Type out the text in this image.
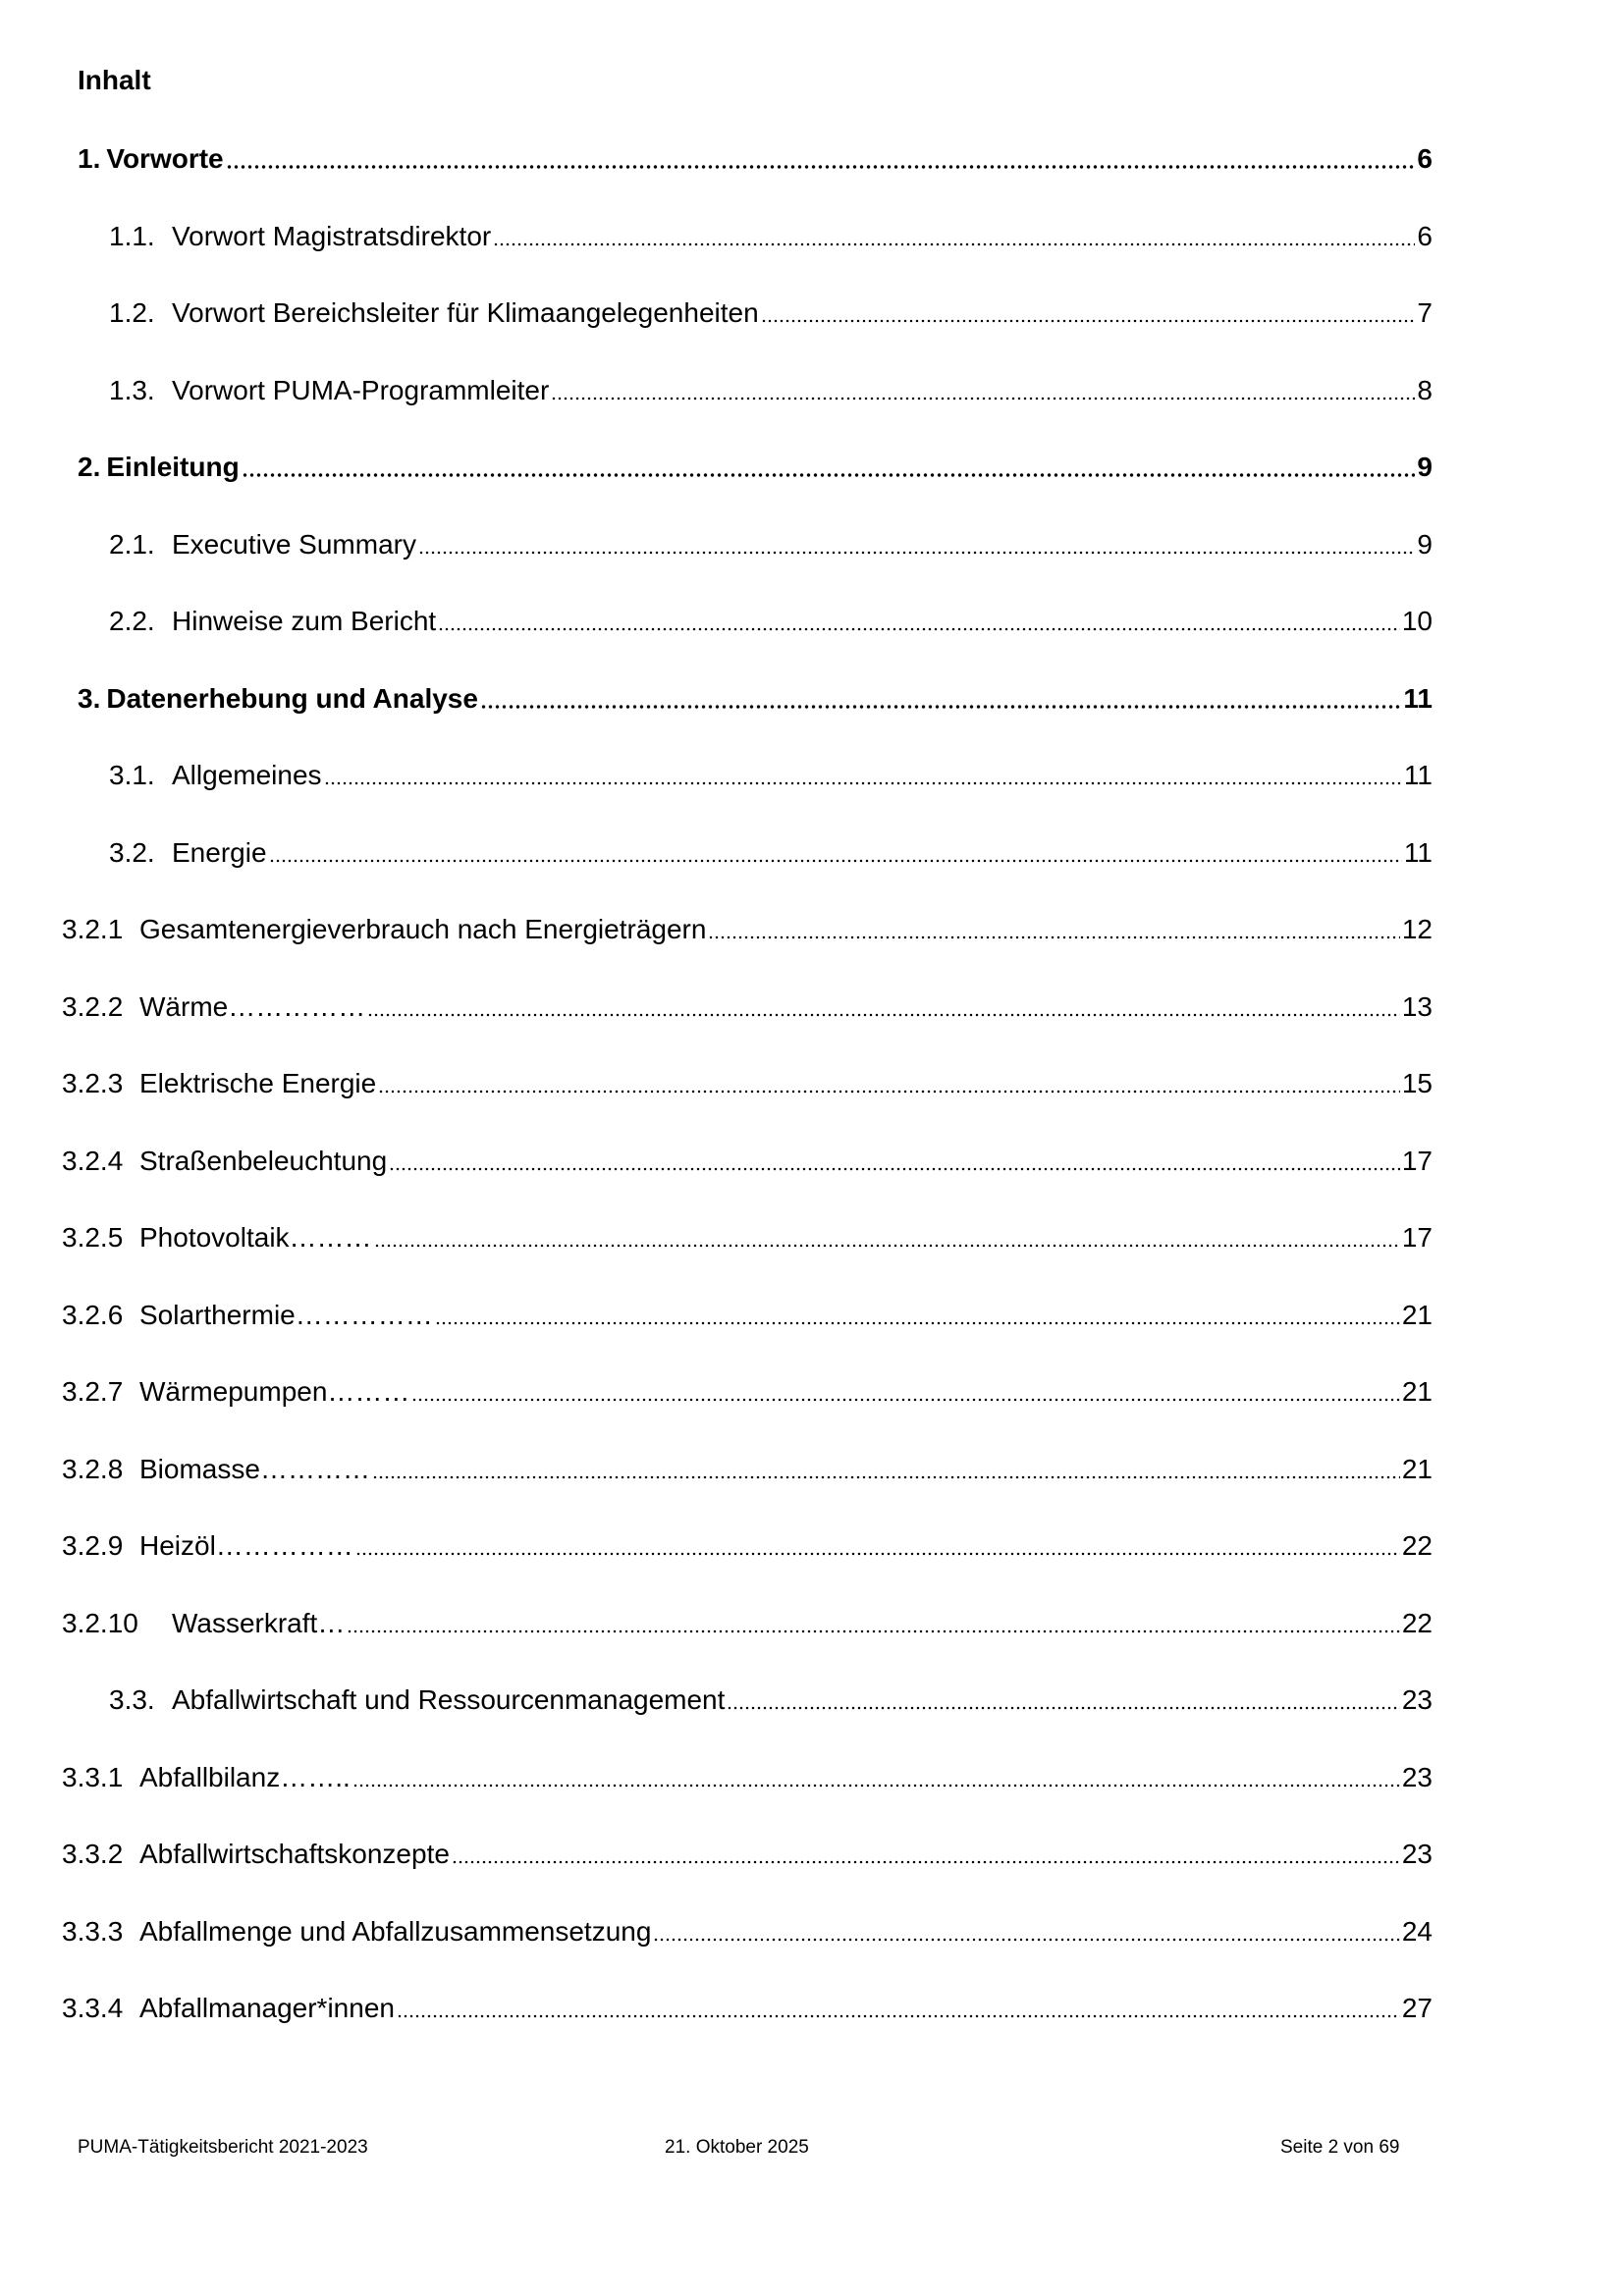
Inhalt
1. Vorworte	6
1.1. Vorwort Magistratsdirektor	6
1.2. Vorwort Bereichsleiter für Klimaangelegenheiten	7
1.3. Vorwort PUMA-Programmleiter	8
2. Einleitung	9
2.1. Executive Summary	9
2.2. Hinweise zum Bericht	10
3. Datenerhebung und Analyse	11
3.1. Allgemeines	11
3.2. Energie	11
3.2.1 Gesamtenergieverbrauch nach Energieträgern	12
3.2.2 Wärme……………	13
3.2.3 Elektrische Energie	15
3.2.4 Straßenbeleuchtung	17
3.2.5 Photovoltaik………	17
3.2.6 Solarthermie……………	21
3.2.7 Wärmepumpen………	21
3.2.8 Biomasse…………	21
3.2.9 Heizöl……………	22
3.2.10	Wasserkraft…	22
3.3. Abfallwirtschaft und Ressourcenmanagement	23
3.3.1 Abfallbilanz……..	23
3.3.2 Abfallwirtschaftskonzepte	23
3.3.3 Abfallmenge und Abfallzusammensetzung	24
3.3.4 Abfallmanager*innen	27
PUMA-Tätigkeitsbericht 2021-2023	21. Oktober 2025	Seite 2 von 69
